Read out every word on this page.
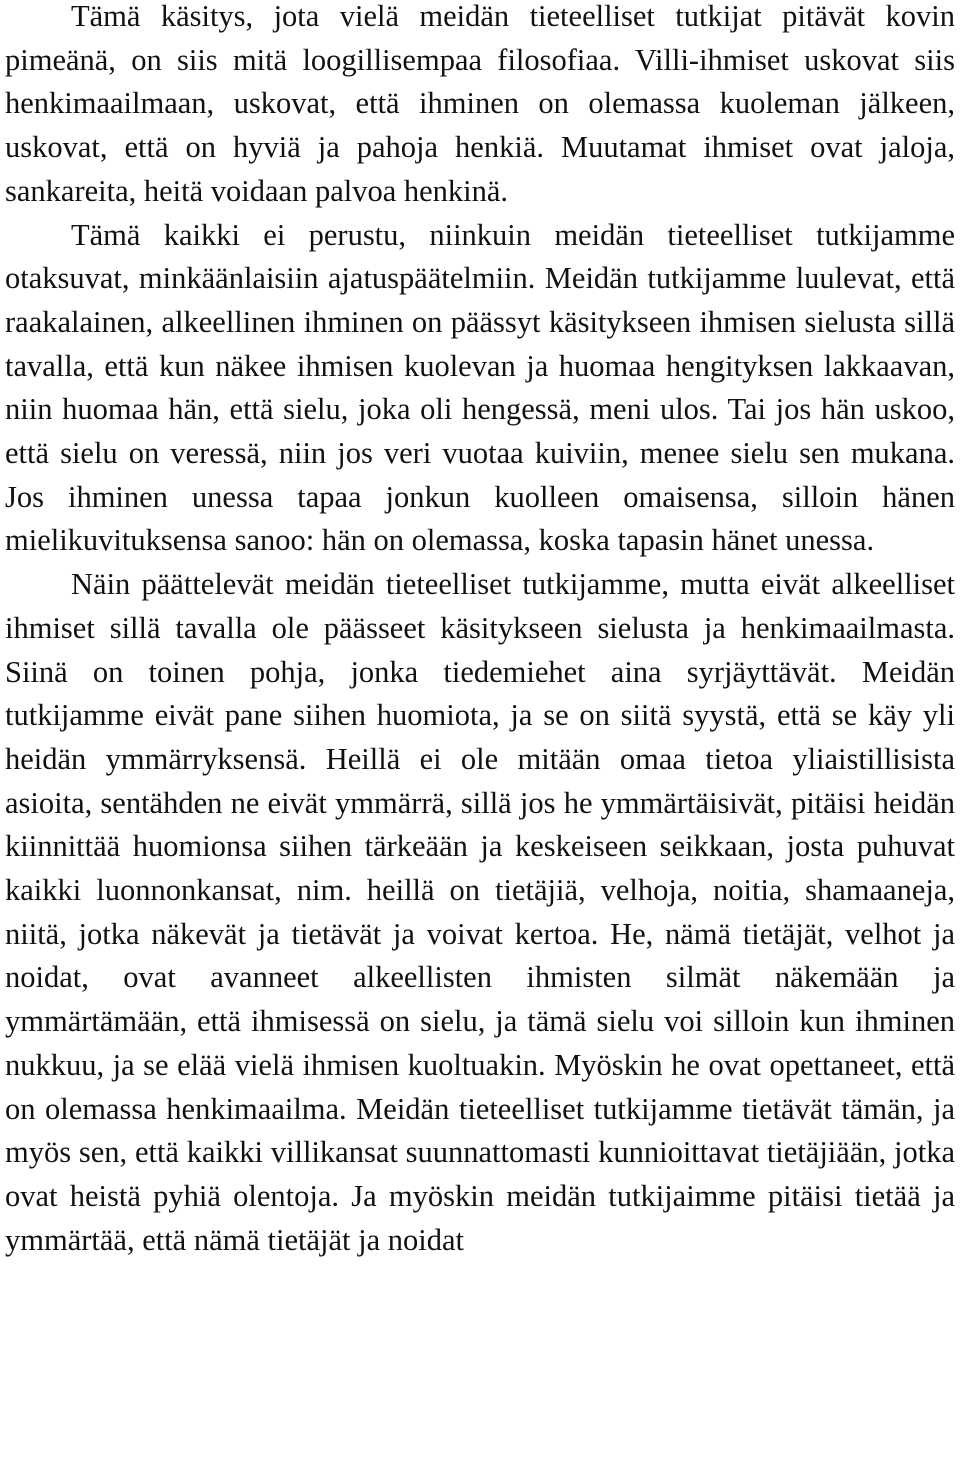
Tämä käsitys, jota vielä meidän tieteelliset tutkijat pitävät kovin pimeänä, on siis mitä loogillisempaa filosofiaa. Villi-ihmiset uskovat siis henkimaailmaan, uskovat, että ihminen on olemassa kuoleman jälkeen, uskovat, että on hyviä ja pahoja henkiä. Muutamat ihmiset ovat jaloja, sankareita, heitä voidaan palvoa henkinä.

Tämä kaikki ei perustu, niinkuin meidän tieteelliset tutkijamme otaksuvat, minkäänlaisiin ajatuspäätelmiin. Meidän tutkijamme luulevat, että raakalainen, alkeellinen ihminen on päässyt käsitykseen ihmisen sielusta sillä tavalla, että kun näkee ihmisen kuolevan ja huomaa hengityksen lakkaavan, niin huomaa hän, että sielu, joka oli hengessä, meni ulos. Tai jos hän uskoo, että sielu on veressä, niin jos veri vuotaa kuiviin, menee sielu sen mukana. Jos ihminen unessa tapaa jonkun kuolleen omaisensa, silloin hänen mielikuvituksensa sanoo: hän on olemassa, koska tapasin hänet unessa.

Näin päättelevät meidän tieteelliset tutkijamme, mutta eivät alkeelliset ihmiset sillä tavalla ole päässeet käsitykseen sielusta ja henkimaailmasta. Siinä on toinen pohja, jonka tiedemiehet aina syrjäyttävät. Meidän tutkijamme eivät pane siihen huomiota, ja se on siitä syystä, että se käy yli heidän ymmärryksensä. Heillä ei ole mitään omaa tietoa yliaistillisista asioita, sentähden ne eivät ymmärrä, sillä jos he ymmärtäisivät, pitäisi heidän kiinnittää huomionsa siihen tärkeään ja keskeiseen seikkaan, josta puhuvat kaikki luonnonkansat, nim. heillä on tietäjiä, velhoja, noitia, shamaaneja, niitä, jotka näkevät ja tietävät ja voivat kertoa. He, nämä tietäjät, velhot ja noidat, ovat avanneet alkeellisten ihmisten silmät näkemään ja ymmärtämään, että ihmisessä on sielu, ja tämä sielu voi silloin kun ihminen nukkuu, ja se elää vielä ihmisen kuoltuakin. Myöskin he ovat opettaneet, että on olemassa henkimaailma. Meidän tieteelliset tutkijamme tietävät tämän, ja myös sen, että kaikki villikansat suunnattomasti kunnioittavat tietäjiään, jotka ovat heistä pyhiä olentoja. Ja myöskin meidän tutkijaimme pitäisi tietää ja ymmärtää, että nämä tietäjät ja noidat
